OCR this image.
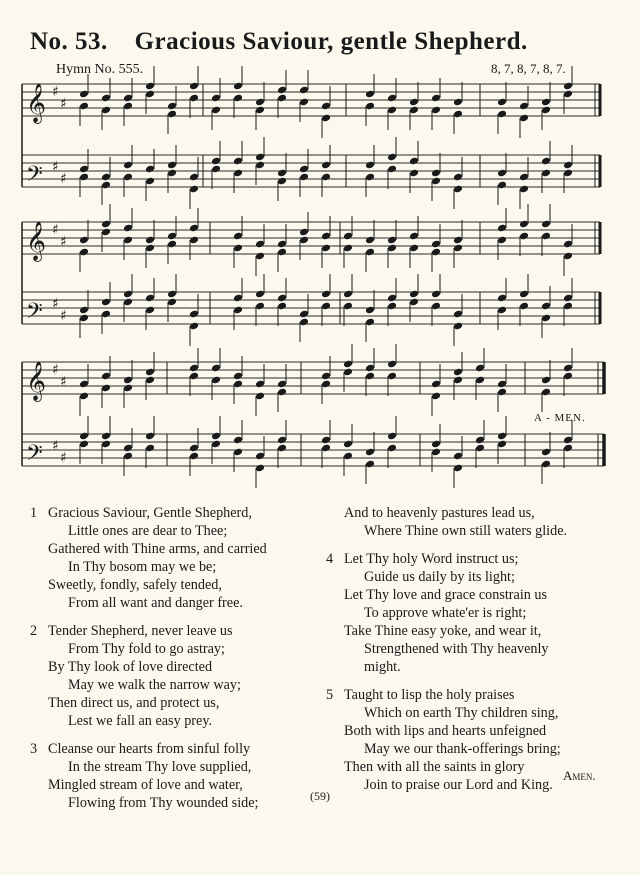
No. 53. Gracious Saviour, gentle Shepherd.
Hymn No. 555.	8, 7, 8, 7, 8, 7.
𝄞 ♯
♯
𝄢 ♯
♯
𝄞 ♯
♯
𝄢 ♯
♯
𝄞 ♯
♯
𝄢 ♯
♯
A - MEN.
1 Gracious Saviour, Gentle Shepherd,
Little ones are dear to Thee;
Gathered with Thine arms, and carried
In Thy bosom may we be;
Sweetly, fondly, safely tended,
From all want and danger free.
2 Tender Shepherd, never leave us
From Thy fold to go astray;
By Thy look of love directed
May we walk the narrow way;
Then direct us, and protect us,
Lest we fall an easy prey.
3 Cleanse our hearts from sinful folly
In the stream Thy love supplied,
Mingled stream of love and water,
Flowing from Thy wounded side;
And to heavenly pastures lead us,
Where Thine own still waters glide.
4 Let Thy holy Word instruct us;
Guide us daily by its light;
Let Thy love and grace constrain us
To approve whate'er is right;
Take Thine easy yoke, and wear it,
Strengthened with Thy heavenly
might.
5 Taught to lisp the holy praises
Which on earth Thy children sing,
Both with lips and hearts unfeigned
May we our thank-offerings bring;
Then with all the saints in glory
Join to praise our Lord and King.
Amen.
(59)
